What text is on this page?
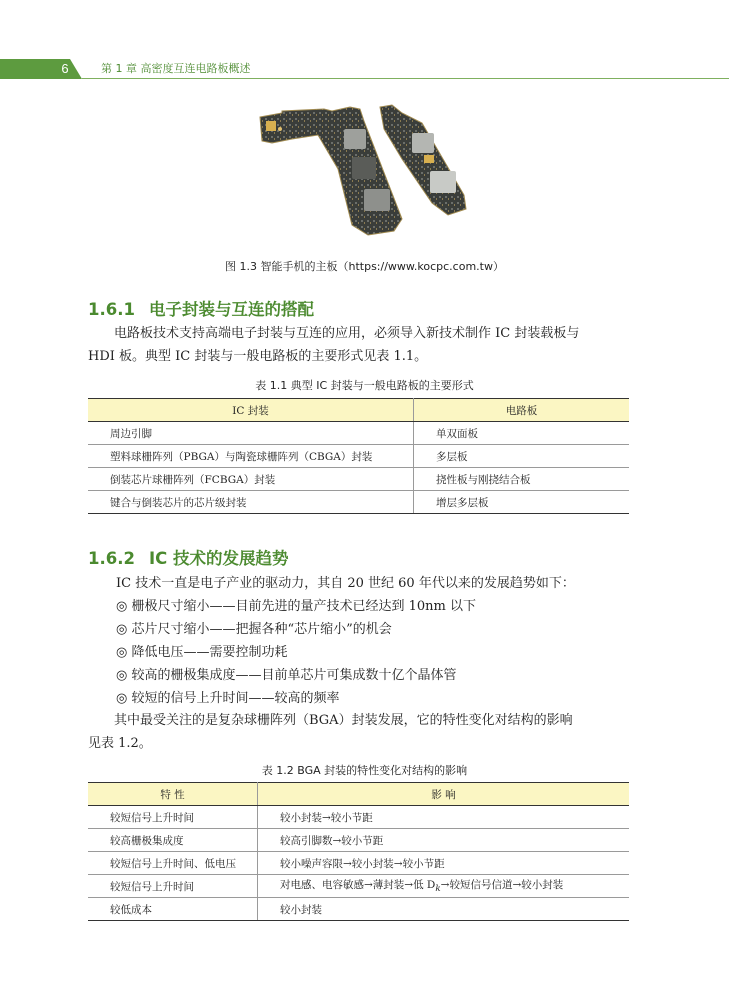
6	第 1 章 高密度互连电路板概述
图 1.3 智能手机的主板（https://www.kocpc.com.tw）
1.6.1 电子封装与互连的搭配
电路板技术支持高端电子封装与互连的应用，必须导入新技术制作 IC 封装载板与
HDI 板。典型 IC 封装与一般电路板的主要形式见表 1.1。
表 1.1 典型 IC 封装与一般电路板的主要形式
IC 封装	电路板
周边引脚	单双面板
塑料球栅阵列（PBGA）与陶瓷球栅阵列（CBGA）封装	多层板
倒装芯片球栅阵列（FCBGA）封装	挠性板与刚挠结合板
键合与倒装芯片的芯片级封装	增层多层板
1.6.2 IC 技术的发展趋势
IC 技术一直是电子产业的驱动力，其自 20 世纪 60 年代以来的发展趋势如下：
◎ 栅极尺寸缩小——目前先进的量产技术已经达到 10nm 以下
◎ 芯片尺寸缩小——把握各种“芯片缩小”的机会
◎ 降低电压——需要控制功耗
◎ 较高的栅极集成度——目前单芯片可集成数十亿个晶体管
◎ 较短的信号上升时间——较高的频率
其中最受关注的是复杂球栅阵列（BGA）封装发展，它的特性变化对结构的影响
见表 1.2。
表 1.2 BGA 封装的特性变化对结构的影响
特 性	影 响
较短信号上升时间	较小封装→较小节距
较高栅极集成度	较高引脚数→较小节距
较短信号上升时间、低电压	较小噪声容限→较小封装→较小节距
较短信号上升时间	对电感、电容敏感→薄封装→低 $D_k\to$较短信号信道→较小封装
较低成本	较小封装
